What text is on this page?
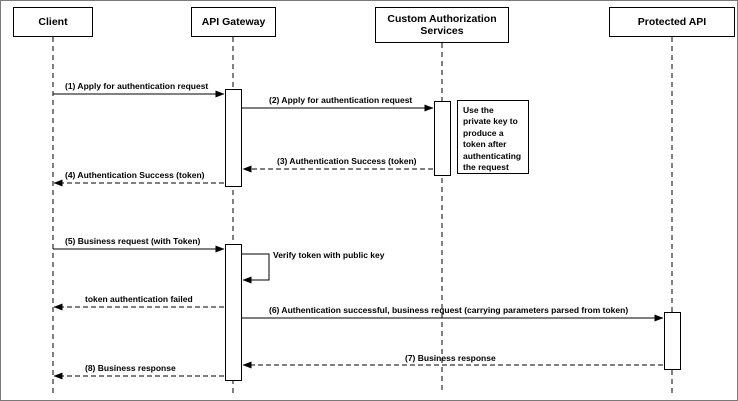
Client	API Gateway	Custom Authorization Services
Protected API
Use the private key to produce a token after authenticating the request
Verify token with public key
(1) Apply for authentication request
(2) Apply for authentication request
(3) Authentication Success (token)
(4) Authentication Success (token)
(5) Business request (with Token)
token authentication failed
(6) Authentication successful, business request (carrying parameters parsed from token)
(7) Business response
(8) Business response
